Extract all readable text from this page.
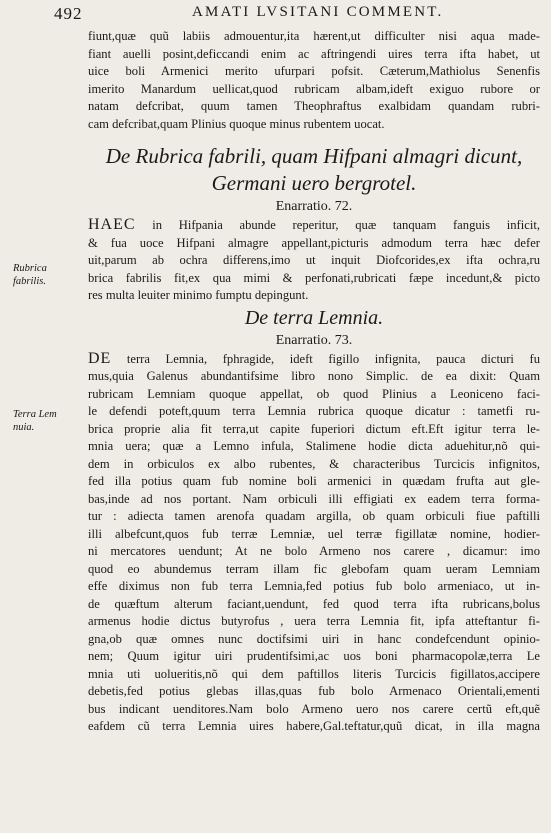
492	AMATI LVSITANI COMMENT.
Rubrica
fabrilis.
Terra Lem
nuia.
fiunt,quæ quũ labiis admouentur,ita hærent,ut difficulter nisi aqua made-
fiant auelli posint,deficcandi enim ac aftringendi uires terra ifta habet, ut
uice boli Armenici merito ufurpari pofsit. Cæterum,Mathiolus Senenfis
imerito Manardum uellicat,quod rubricam albam,ideft exiguo rubore or
natam defcribat, quum tamen Theophraftus exalbidam quandam rubri-
cam defcribat,quam Plinius quoque minus rubentem uocat.
De Rubrica fabrili, quam Hifpani almagri dicunt,
Germani uero bergrotel.
Enarratio. 72.
HAEC in Hifpania abunde reperitur, quæ tanquam fanguis inficit,
& fua uoce Hifpani almagre appellant,picturis admodum terra hæc defer
uit,parum ab ochra differens,imo ut inquit Diofcorides,ex ifta ochra,ru
brica fabrilis fit,ex qua mimi & perfonati,rubricati fæpe incedunt,& picto
res multa leuiter minimo fumptu depingunt.
De terra Lemnia.
Enarratio. 73.
DE terra Lemnia, fphragide, ideft figillo infignita, pauca dicturi fu
mus,quia Galenus abundantifsime libro nono Simplic. de ea dixit: Quam
rubricam Lemniam quoque appellat, ob quod Plinius a Leoniceno faci-
le defendi poteft,quum terra Lemnia rubrica quoque dicatur : tametfi ru-
brica proprie alia fit terra,ut capite fuperiori dictum eft.Eft igitur terra le-
mnia uera; quæ a Lemno infula, Stalimene hodie dicta aduehitur,nõ qui-
dem in orbiculos ex albo rubentes, & characteribus Turcicis infignitos,
fed illa potius quam fub nomine boli armenici in quædam frufta aut gle-
bas,inde ad nos portant. Nam orbiculi illi effigiati ex eadem terra forma-
tur : adiecta tamen arenofa quadam argilla, ob quam orbiculi fiue paftilli
illi albefcunt,quos fub terræ Lemniæ, uel terræ figillatæ nomine, hodier-
ni mercatores uendunt; At ne bolo Armeno nos carere , dicamur: imo
quod eo abundemus terram illam fic glebofam quam ueram Lemniam
effe diximus non fub terra Lemnia,fed potius fub bolo armeniaco, ut in-
de quæftum alterum faciant,uendunt, fed quod terra ifta rubricans,bolus
armenus hodie dictus butyrofus , uera terra Lemnia fit, ipfa atteftantur fi-
gna,ob quæ omnes nunc doctifsimi uiri in hanc condefcendunt opinio-
nem; Quum igitur uiri prudentifsimi,ac uos boni pharmacopolæ,terra Le
mnia uti uolueritis,nõ qui dem paftillos literis Turcicis figillatos,accipere
debetis,fed potius glebas illas,quas fub bolo Armenaco Orientali,ementi
bus indicant uenditores.Nam bolo Armeno uero nos carere certũ eft,quẽ
eafdem cũ terra Lemnia uires habere,Gal.teftatur,quũ dicat, in illa magna
